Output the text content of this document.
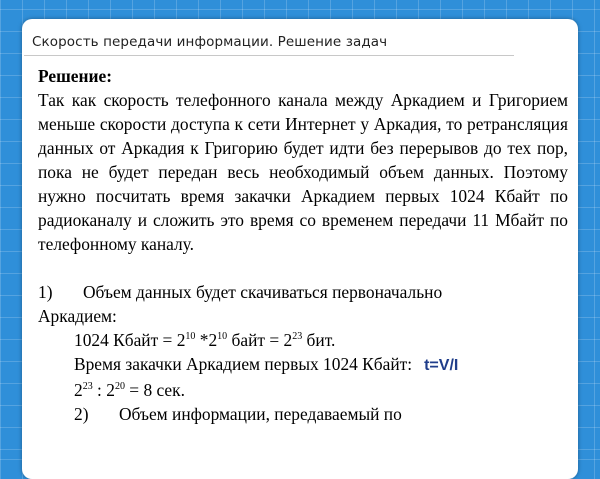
Скорость передачи информации. Решение задач
Решение:
Так как скорость телефонного канала между Аркадием и Григорием меньше скорости доступа к сети Интернет у Аркадия, то ретрансляция данных от Аркадия к Григорию будет идти без перерывов до тех пор, пока не будет передан весь необходимый объем данных. Поэтому нужно посчитать время закачки Аркадием первых 1024 Кбайт по радиоканалу и сложить это время со временем передачи 11 Мбайт по телефонному каналу.
1) Объем данных будет скачиваться первоначально
Аркадием:
1024 Кбайт = $2^{10}$ $*2^{10}$ байт = $2^{23}$ бит.
Время закачки Аркадием первых 1024 Кбайт: t=V/I
$2^{23}$ : $2^{20} = 8$ сек.
2) Объем информации, передаваемый по
